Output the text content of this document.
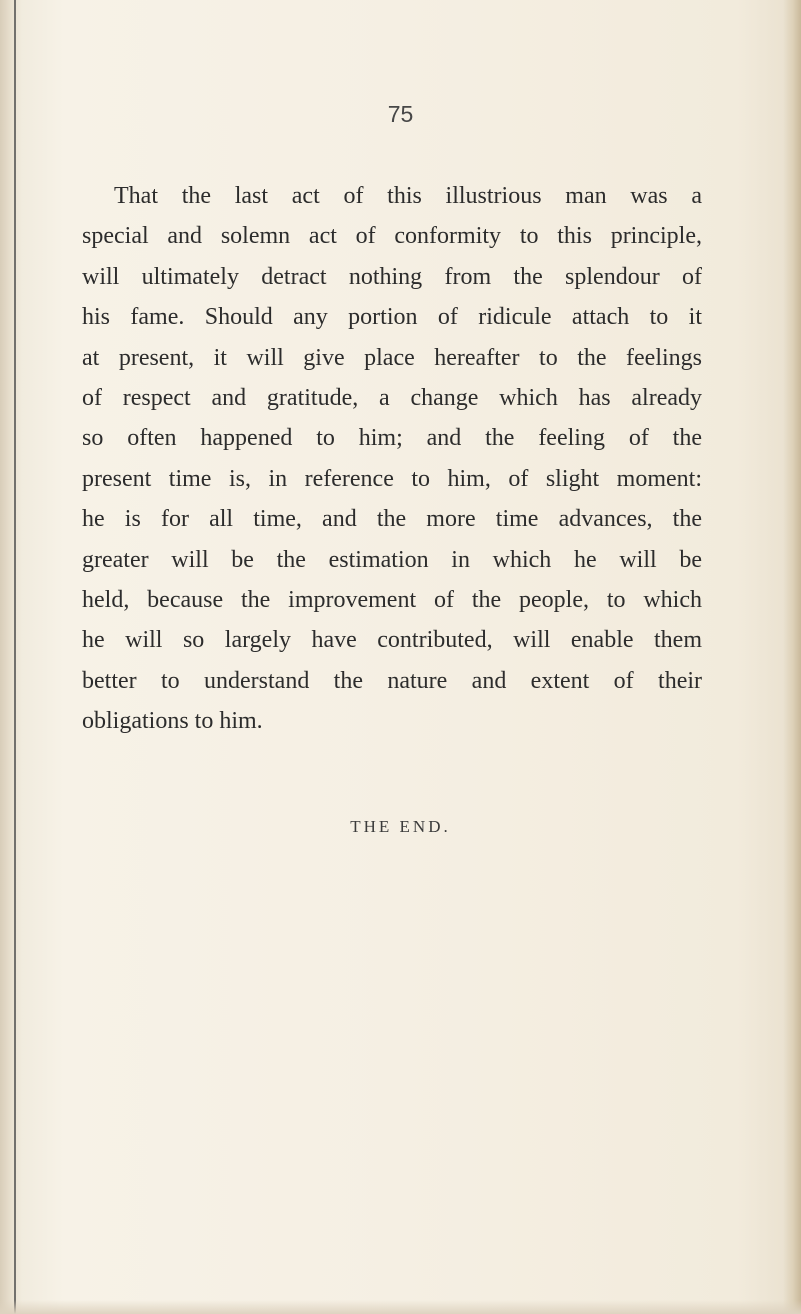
75

That the last act of this illustrious man was a
special and solemn act of conformity to this principle,
will ultimately detract nothing from the splendour of
his fame. Should any portion of ridicule attach to it
at present, it will give place hereafter to the feelings
of respect and gratitude, a change which has already
so often happened to him; and the feeling of the
present time is, in reference to him, of slight moment:
he is for all time, and the more time advances, the
greater will be the estimation in which he will be
held, because the improvement of the people, to which
he will so largely have contributed, will enable them
better to understand the nature and extent of their
obligations to him.

THE END.
